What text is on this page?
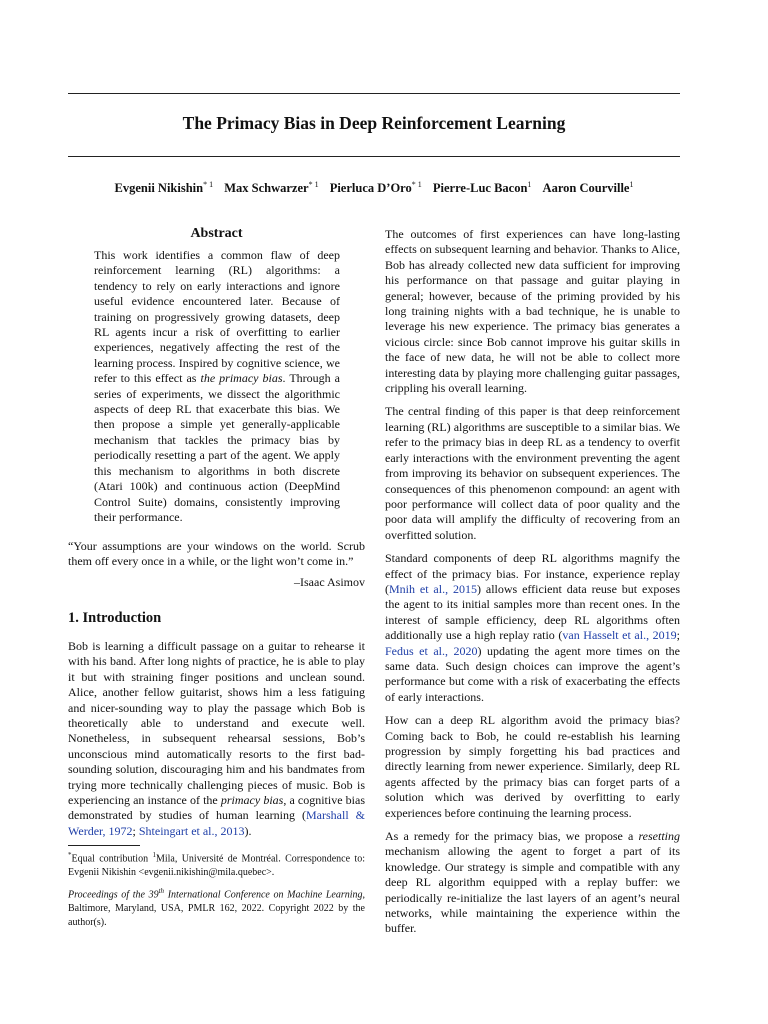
The Primacy Bias in Deep Reinforcement Learning
Evgenii Nikishin$^{* 1}$ Max Schwarzer$^{* 1}$ Pierluca D’Oro$^{* 1}$ Pierre-Luc Bacon$^1$ Aaron Courville$^1$
Abstract
This work identifies a common flaw of deep reinforcement learning (RL) algorithms: a tendency to rely on early interactions and ignore useful evidence encountered later. Because of training on progressively growing datasets, deep RL agents incur a risk of overfitting to earlier experiences, negatively affecting the rest of the learning process. Inspired by cognitive science, we refer to this effect as the primacy bias. Through a series of experiments, we dissect the algorithmic aspects of deep RL that exacerbate this bias. We then propose a simple yet generally-applicable mechanism that tackles the primacy bias by periodically resetting a part of the agent. We apply this mechanism to algorithms in both discrete (Atari 100k) and continuous action (DeepMind Control Suite) domains, consistently improving their performance.
“Your assumptions are your windows on the world. Scrub them off every once in a while, or the light won’t come in.”
–Isaac Asimov
1. Introduction

Bob is learning a difficult passage on a guitar to rehearse it with his band. After long nights of practice, he is able to play it but with straining finger positions and unclean sound. Alice, another fellow guitarist, shows him a less fatiguing and nicer-sounding way to play the passage which Bob is theoretically able to understand and execute well. Nonetheless, in subsequent rehearsal sessions, Bob’s unconscious mind automatically resorts to the first bad-sounding solution, discouraging him and his bandmates from trying more technically challenging pieces of music. Bob is experiencing an instance of the primacy bias, a cognitive bias demonstrated by studies of human learning (Marshall & Werder, 1972; Shteingart et al., 2013).

*Equal contribution $^1$Mila, Université de Montréal. Correspondence to: Evgenii Nikishin <evgenii.nikishin@mila.quebec>.
Proceedings of the 39th International Conference on Machine Learning, Baltimore, Maryland, USA, PMLR 162, 2022. Copyright 2022 by the author(s).

The outcomes of first experiences can have long-lasting effects on subsequent learning and behavior. Thanks to Alice, Bob has already collected new data sufficient for improving his performance on that passage and guitar playing in general; however, because of the priming provided by his long training nights with a bad technique, he is unable to leverage his new experience. The primacy bias generates a vicious circle: since Bob cannot improve his guitar skills in the face of new data, he will not be able to collect more interesting data by playing more challenging guitar passages, crippling his overall learning.

The central finding of this paper is that deep reinforcement learning (RL) algorithms are susceptible to a similar bias. We refer to the primacy bias in deep RL as a tendency to overfit early interactions with the environment preventing the agent from improving its behavior on subsequent experiences. The consequences of this phenomenon compound: an agent with poor performance will collect data of poor quality and the poor data will amplify the difficulty of recovering from an overfitted solution.

Standard components of deep RL algorithms magnify the effect of the primacy bias. For instance, experience replay (Mnih et al., 2015) allows efficient data reuse but exposes the agent to its initial samples more than recent ones. In the interest of sample efficiency, deep RL algorithms often additionally use a high replay ratio (van Hasselt et al., 2019; Fedus et al., 2020) updating the agent more times on the same data. Such design choices can improve the agent’s performance but come with a risk of exacerbating the effects of early interactions.

How can a deep RL algorithm avoid the primacy bias? Coming back to Bob, he could re-establish his learning progression by simply forgetting his bad practices and directly learning from newer experience. Similarly, deep RL agents affected by the primacy bias can forget parts of a solution which was derived by overfitting to early experiences before continuing the learning process.

As a remedy for the primacy bias, we propose a resetting mechanism allowing the agent to forget a part of its knowledge. Our strategy is simple and compatible with any deep RL algorithm equipped with a replay buffer: we periodically re-initialize the last layers of an agent’s neural networks, while maintaining the experience within the buffer.
